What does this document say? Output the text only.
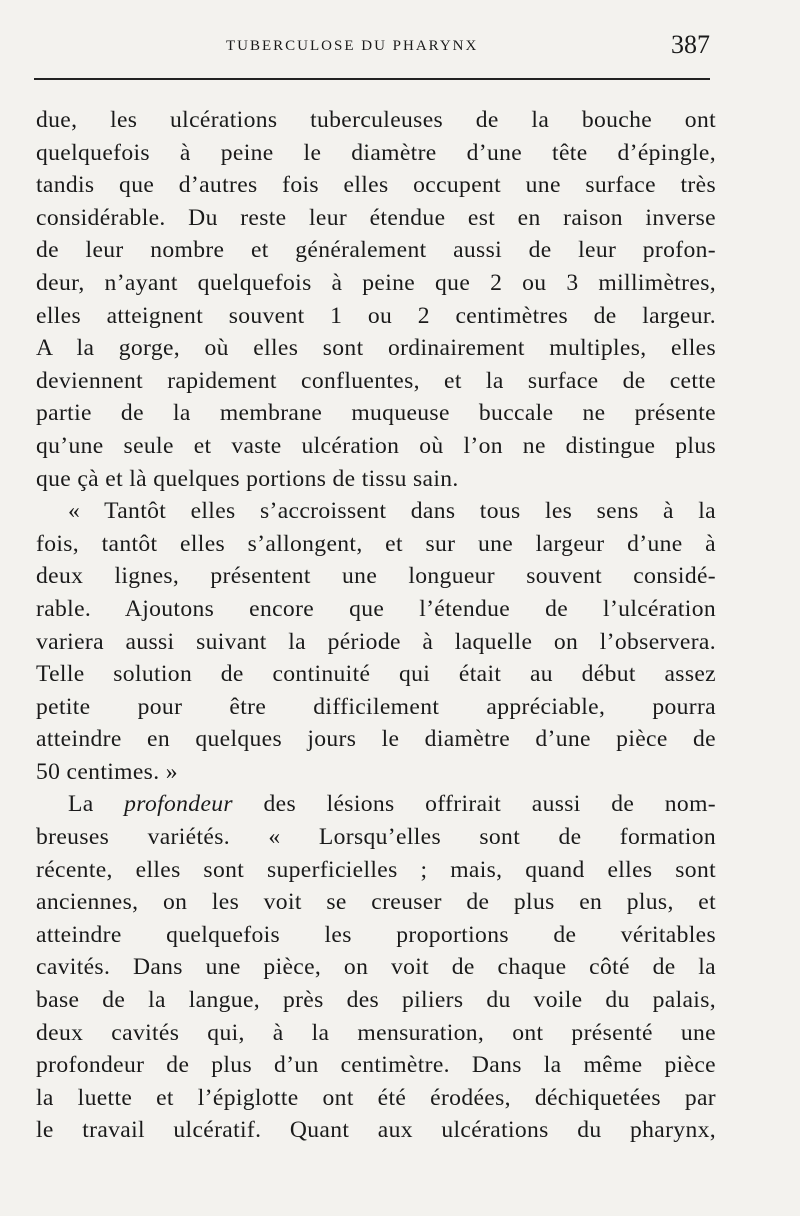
TUBERCULOSE DU PHARYNX	387
due, les ulcérations tuberculeuses de la bouche ont
quelquefois à peine le diamètre d’une tête d’épingle,
tandis que d’autres fois elles occupent une surface très
considérable. Du reste leur étendue est en raison inverse
de leur nombre et généralement aussi de leur profon-
deur, n’ayant quelquefois à peine que 2 ou 3 millimètres,
elles atteignent souvent 1 ou 2 centimètres de largeur.
A la gorge, où elles sont ordinairement multiples, elles
deviennent rapidement confluentes, et la surface de cette
partie de la membrane muqueuse buccale ne présente
qu’une seule et vaste ulcération où l’on ne distingue plus
que çà et là quelques portions de tissu sain.
« Tantôt elles s’accroissent dans tous les sens à la
fois, tantôt elles s’allongent, et sur une largeur d’une à
deux lignes, présentent une longueur souvent considé-
rable. Ajoutons encore que l’étendue de l’ulcération
variera aussi suivant la période à laquelle on l’observera.
Telle solution de continuité qui était au début assez
petite pour être difficilement appréciable, pourra
atteindre en quelques jours le diamètre d’une pièce de
50 centimes. »
La profondeur des lésions offrirait aussi de nom-
breuses variétés. « Lorsqu’elles sont de formation
récente, elles sont superficielles ; mais, quand elles sont
anciennes, on les voit se creuser de plus en plus, et
atteindre quelquefois les proportions de véritables
cavités. Dans une pièce, on voit de chaque côté de la
base de la langue, près des piliers du voile du palais,
deux cavités qui, à la mensuration, ont présenté une
profondeur de plus d’un centimètre. Dans la même pièce
la luette et l’épiglotte ont été érodées, déchiquetées par
le travail ulcératif. Quant aux ulcérations du pharynx,
